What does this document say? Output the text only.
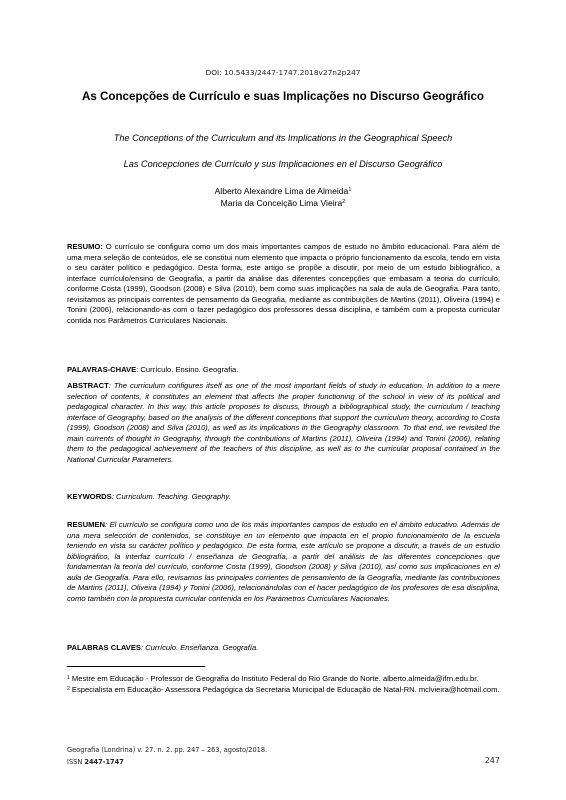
DOI: 10.5433/2447-1747.2018v27n2p247
As Concepções de Currículo e suas Implicações no Discurso Geográfico
The Conceptions of the Curriculum and its Implications in the Geographical Speech
Las Concepciones de Currículo y sus Implicaciones en el Discurso Geográfico
Alberto Alexandre Lima de Almeida$^1$
Maria da Conceição Lima Vieira$^2$
RESUMO: O currículo se configura como um dos mais importantes campos de estudo no âmbito educacional. Para além de uma mera seleção de conteúdos, ele se constitui num elemento que impacta o próprio funcionamento da escola, tendo em vista o seu caráter político e pedagógico. Desta forma, este artigo se propõe a discutir, por meio de um estudo bibliográfico, a interface currículo/ensino de Geografia, a partir da análise das diferentes concepções que embasam a teoria do currículo, conforme Costa (1999), Goodson (2008) e Silva (2010), bem como suas implicações na sala de aula de Geografia. Para tanto, revisitamos as principais correntes de pensamento da Geografia, mediante as contribuições de Martins (2011), Oliveira (1994) e Tonini (2006), relacionando-as com o fazer pedagógico dos professores dessa disciplina, e também com a proposta curricular contida nos Parâmetros Curriculares Nacionais.
PALAVRAS-CHAVE: Currículo. Ensino. Geografia.
ABSTRACT: The curriculum configures itself as one of the most important fields of study in education. In addition to a mere selection of contents, it constitutes an element that affects the proper functioning of the school in view of its political and pedagogical character. In this way, this article proposes to discuss, through a bibliographical study, the curriculum / teaching interface of Geography, based on the analysis of the different conceptions that support the curriculum theory, according to Costa (1999), Goodson (2008) and Silva (2010), as well as its implications in the Geography classroom. To that end, we revisited the main currents of thought in Geography, through the contributions of Martins (2011), Oliveira (1994) and Tonini (2006), relating them to the pedagogical achievement of the teachers of this discipline, as well as to the curricular proposal contained in the National Curricular Parameters.
KEYWORDS: Curriculum. Teaching. Geography.
RESUMEN: El currículo se configura como uno de los más importantes campos de estudio en el ámbito educativo. Además de una mera selección de contenidos, se constituye en un elemento que impacta en el propio funcionamiento de la escuela teniendo en vista su carácter político y pedagógico. De esta forma, este artículo se propone a discutir, a través de un estudio bibliográfico, la interfaz currículo / enseñanza de Geografía, a partir del análisis de las diferentes concepciones que fundamentan la teoría del currículo, conforme Costa (1999), Goodson (2008) y Silva (2010), así como sus implicaciones en el aula de Geografía. Para ello, revisamos las principales corrientes de pensamiento de la Geografía, mediante las contribuciones de Martins (2011), Oliveira (1994) y Tonini (2006), relacionándolas con el hacer pedagógico de los profesores de esa disciplina, como también con la propuesta curricular contenida en los Parámetros Curriculares Nacionales.
PALABRAS CLAVES: Currículo. Enseñanza. Geografía.

$^1$ Mestre em Educação - Professor de Geografia do Instituto Federal do Rio Grande do Norte. alberto.almeida@ifrn.edu.br.

$^2$ Especialista em Educação- Assessora Pedagógica da Secretaria Municipal de Educação de Natal-RN. mclvieira@hotmail.com.

Geografia (Londrina) v. 27. n. 2. pp. 247 – 263, agosto/2018.
ISSN 2447-1747	247
